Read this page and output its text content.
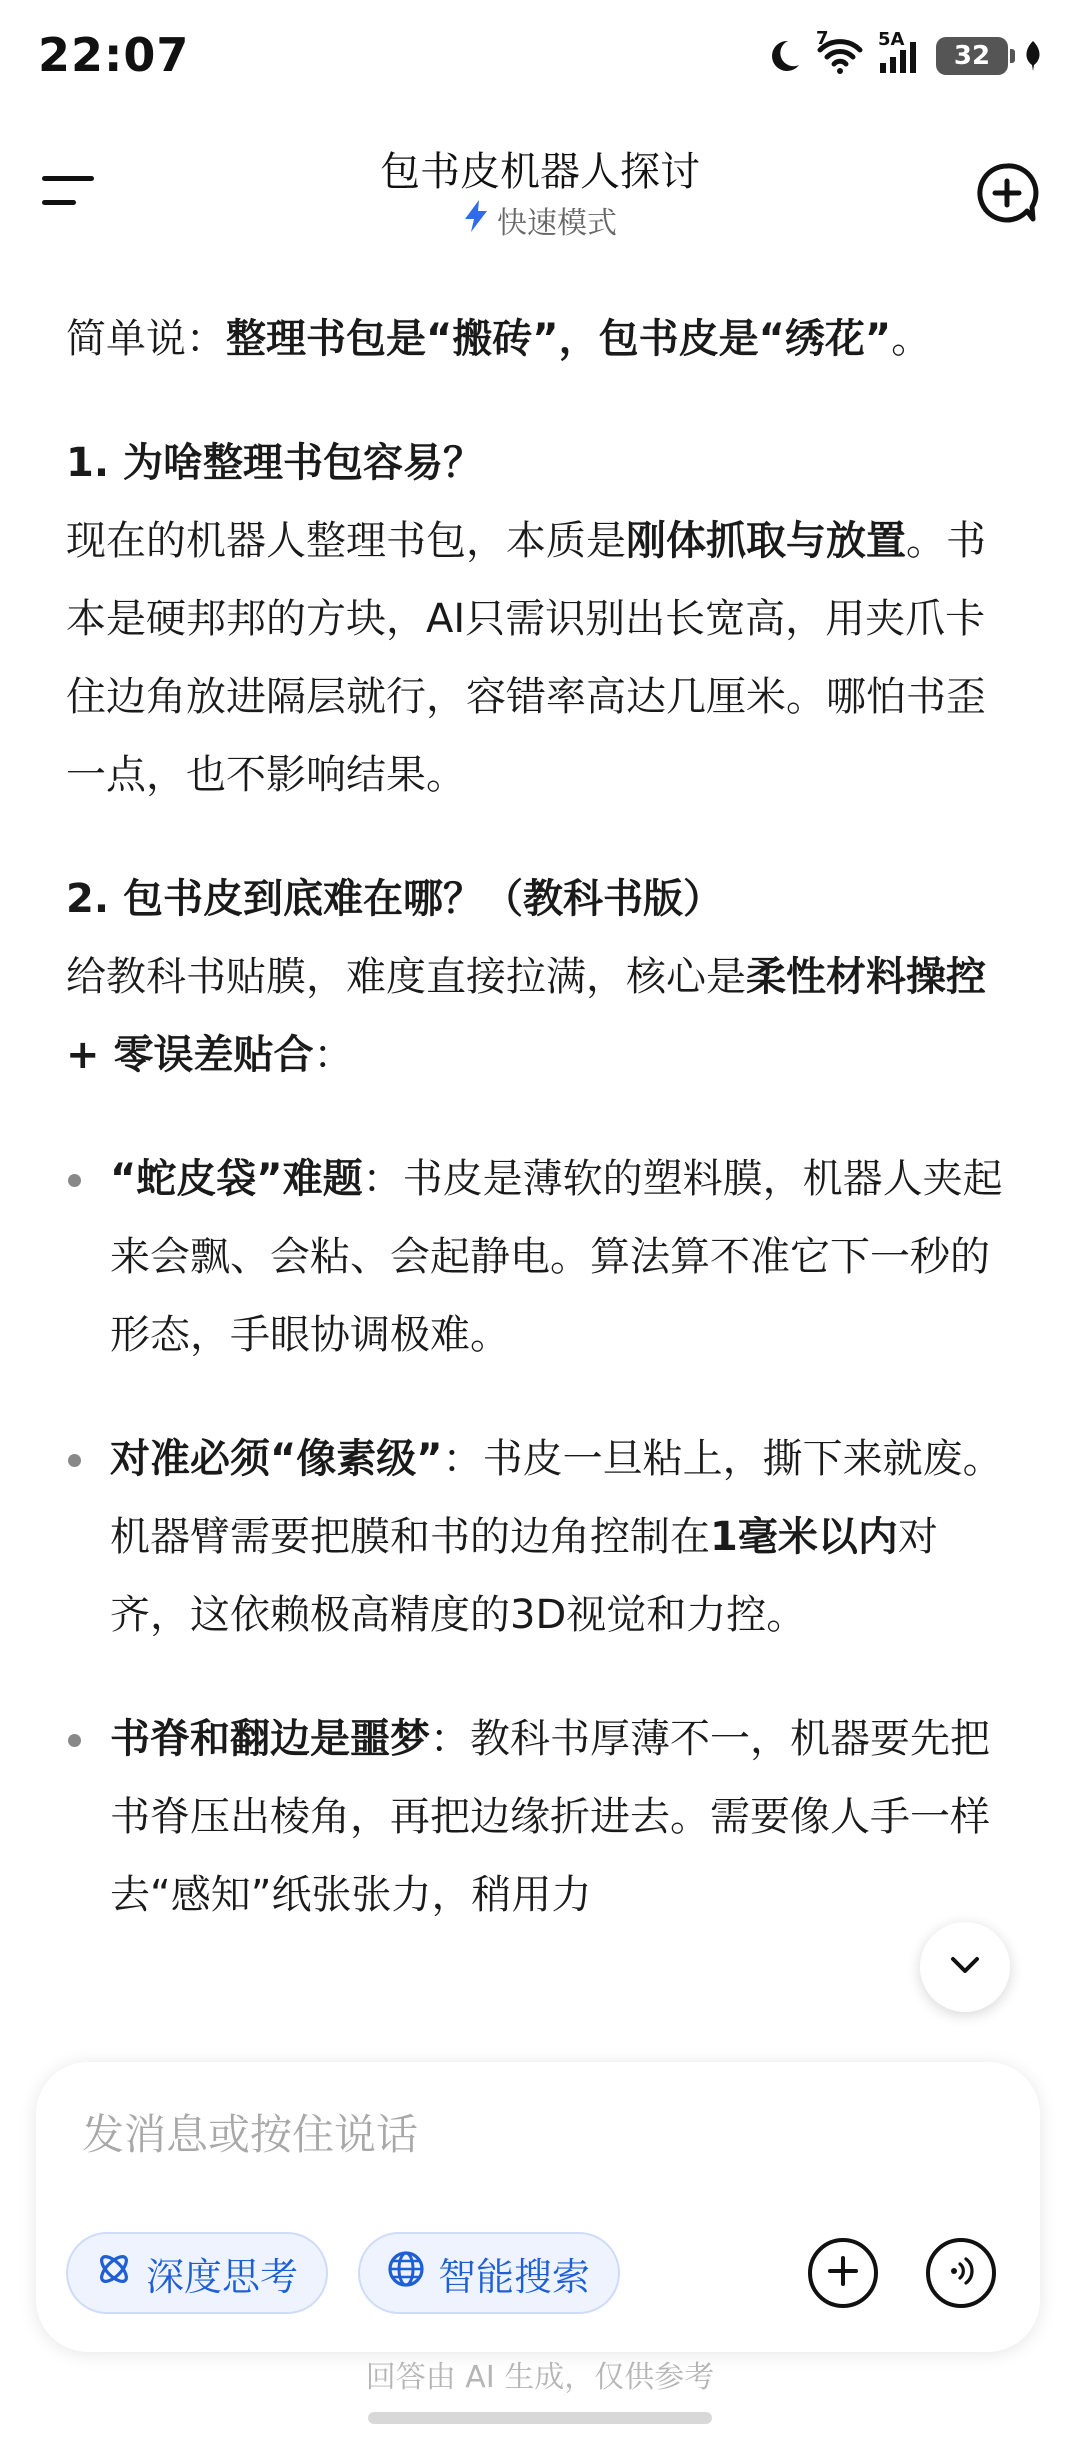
22:07	7	5A
32
包书皮机器人探讨
快速模式

简单说：整理书包是“搬砖”，包书皮是“绣花”。

1. 为啥整理书包容易？

现在的机器人整理书包，本质是刚体抓取与放置。书本是硬邦邦的方块，AI只需识别出长宽高，用夹爪卡住边角放进隔层就行，容错率高达几厘米。哪怕书歪一点，也不影响结果。

2. 包书皮到底难在哪？（教科书版）

给教科书贴膜，难度直接拉满，核心是柔性材料操控 + 零误差贴合：

“蛇皮袋”难题：书皮是薄软的塑料膜，机器人夹起来会飘、会粘、会起静电。算法算不准它下一秒的形态，手眼协调极难。
对准必须“像素级”：书皮一旦粘上，撕下来就废。机器臂需要把膜和书的边角控制在1毫米以内对齐，这依赖极高精度的3D视觉和力控。
书脊和翻边是噩梦：教科书厚薄不一，机器要先把书脊压出棱角，再把边缘折进去。需要像人手一样去“感知”纸张张力，稍用力
发消息或按住说话
深度思考	智能搜索
回答由 AI 生成，仅供参考
